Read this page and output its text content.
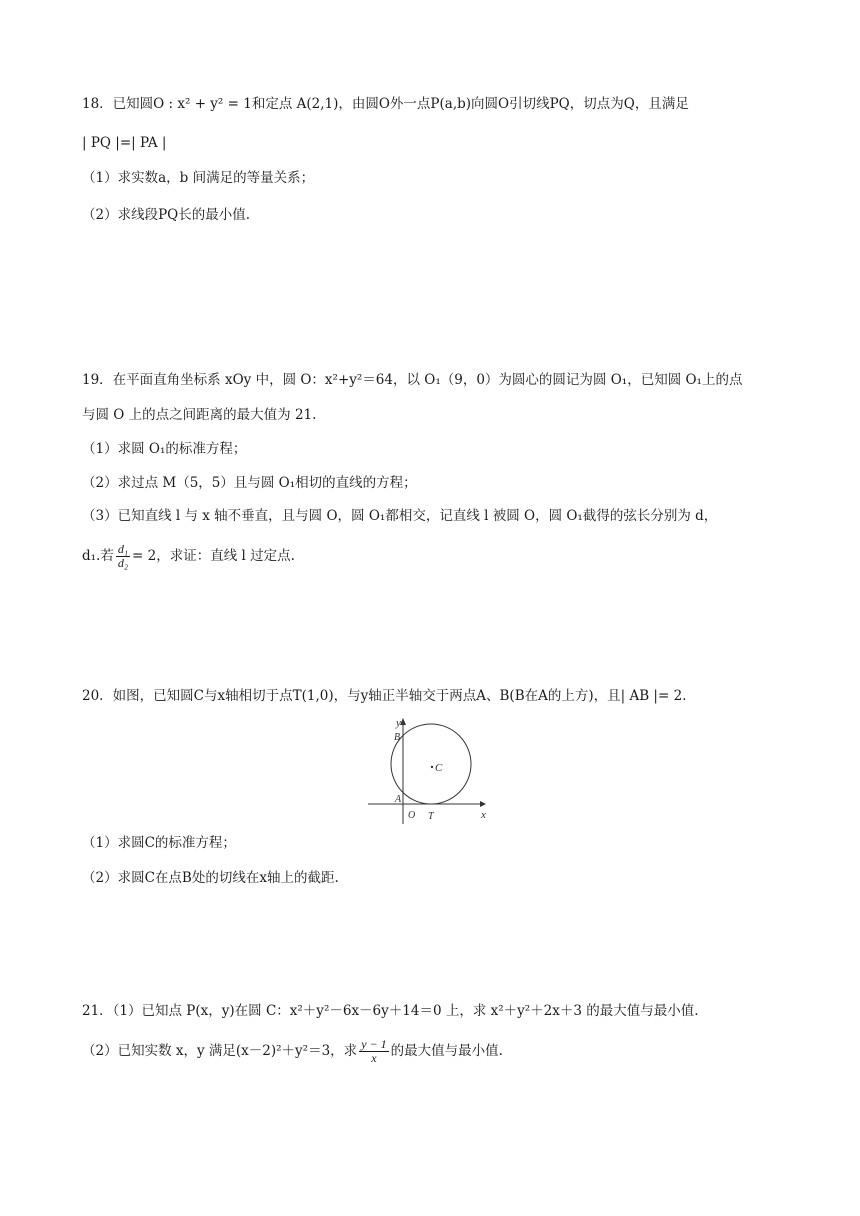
18．已知圆O : x² + y² = 1和定点 A(2,1)，由圆O外一点P(a,b)向圆O引切线PQ，切点为Q，且满足
| PQ |=| PA |
（1）求实数a，b 间满足的等量关系；
（2）求线段PQ长的最小值.
19．在平面直角坐标系 xOy 中，圆 O：x²+y²＝64，以 O₁（9，0）为圆心的圆记为圆 O₁，已知圆 O₁上的点
与圆 O 上的点之间距离的最大值为 21.
（1）求圆 O₁的标准方程；
（2）求过点 M（5，5）且与圆 O₁相切的直线的方程；
（3）已知直线 l 与 x 轴不垂直，且与圆 O，圆 O₁都相交，记直线 l 被圆 O，圆 O₁截得的弦长分别为 d，
d₁.若 $\frac{\text{d₁}}{\text{d₂}} = 2$，求证：直线 l 过定点.
20．如图，已知圆C与x轴相切于点T(1,0)，与y轴正半轴交于两点A、B(B在A的上方)，且| AB |= 2.
y
x
B
A
O T
C
（1）求圆C的标准方程；
（2）求圆C在点B处的切线在x轴上的截距.
21．（1）已知点 P(x，y)在圆 C：x²＋y²－6x－6y＋14＝0 上，求 x²＋y²＋2x＋3 的最大值与最小值.
（2）已知实数 x，y 满足(x－2)²＋y²＝3，求 $\frac{y - 1}{x}$ 的最大值与最小值.
